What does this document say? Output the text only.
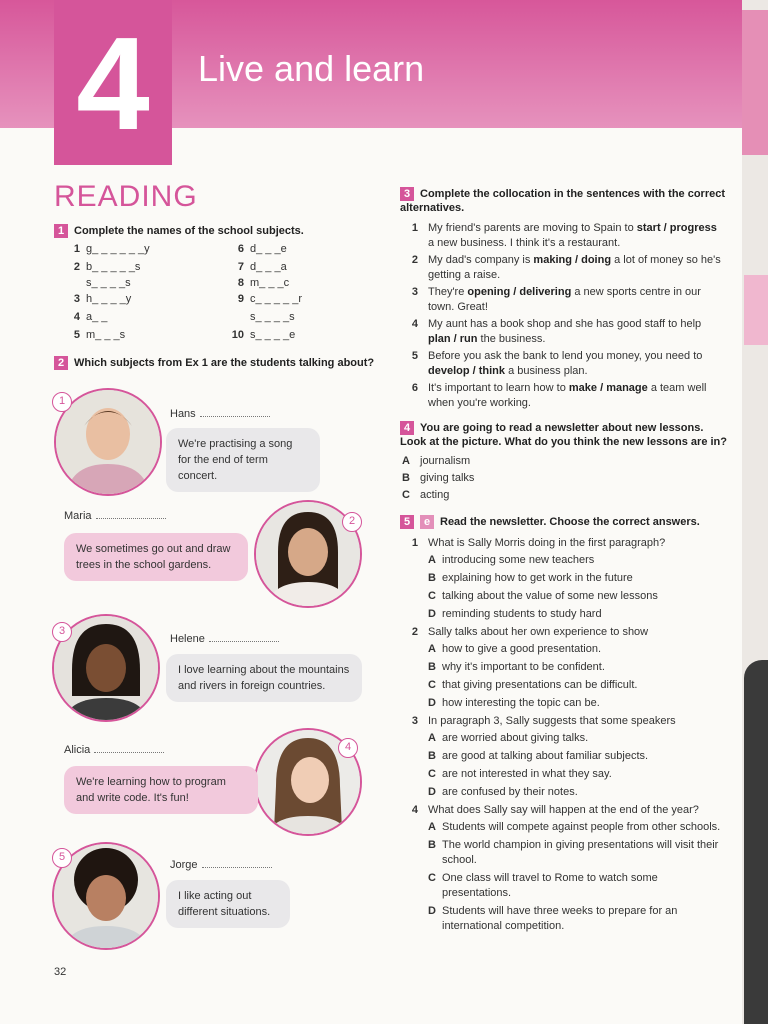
4	Live and learn
READING
1 Complete the names of the school subjects.
2 Which subjects from Ex 1 are the students talking about?
1
Hans
We're practising a song for the end of term concert.
2
Maria
We sometimes go out and draw trees in the school gardens.
3
Helene
I love learning about the mountains and rivers in foreign countries.
4
Alicia
We're learning how to program and write code. It's fun!
5
Jorge
I like acting out different situations.
3 Complete the collocation in the sentences with the correct alternatives.
1 My friend's parents are moving to Spain to start / progress a new business. I think it's a restaurant.
2 My dad's company is making / doing a lot of money so he's getting a raise.
3 They're opening / delivering a new sports centre in our town. Great!
4 My aunt has a book shop and she has good staff to help plan / run the business.
5 Before you ask the bank to lend you money, you need to develop / think a business plan.
6 It's important to learn how to make / manage a team well when you're working.
4 You are going to read a newsletter about new lessons. Look at the picture. What do you think the new lessons are in?
A journalism
B giving talks
C acting
5 e Read the newsletter. Choose the correct answers.
1 What is Sally Morris doing in the first paragraph?
A introducing some new teachers
B explaining how to get work in the future
C talking about the value of some new lessons
D reminding students to study hard
2 Sally talks about her own experience to show
A how to give a good presentation.
B why it's important to be confident.
C that giving presentations can be difficult.
D how interesting the topic can be.
3 In paragraph 3, Sally suggests that some speakers
A are worried about giving talks.
B are good at talking about familiar subjects.
C are not interested in what they say.
D are confused by their notes.
4 What does Sally say will happen at the end of the year?
A Students will compete against people from other schools.
B The world champion in giving presentations will visit their school.
C One class will travel to Rome to watch some presentations.
D Students will have three weeks to prepare for an international competition.
32
1 g_ _ _ _ _ _y
2 b_ _ _ _ _s
s_ _ _ _s
3 h_ _ _ _y
4 a_ _
5 m_ _ _s
6 d_ _ _e
7 d_ _ _a
8 m_ _ _c
9 c_ _ _ _ _r
s_ _ _ _s
10 s_ _ _ _e
